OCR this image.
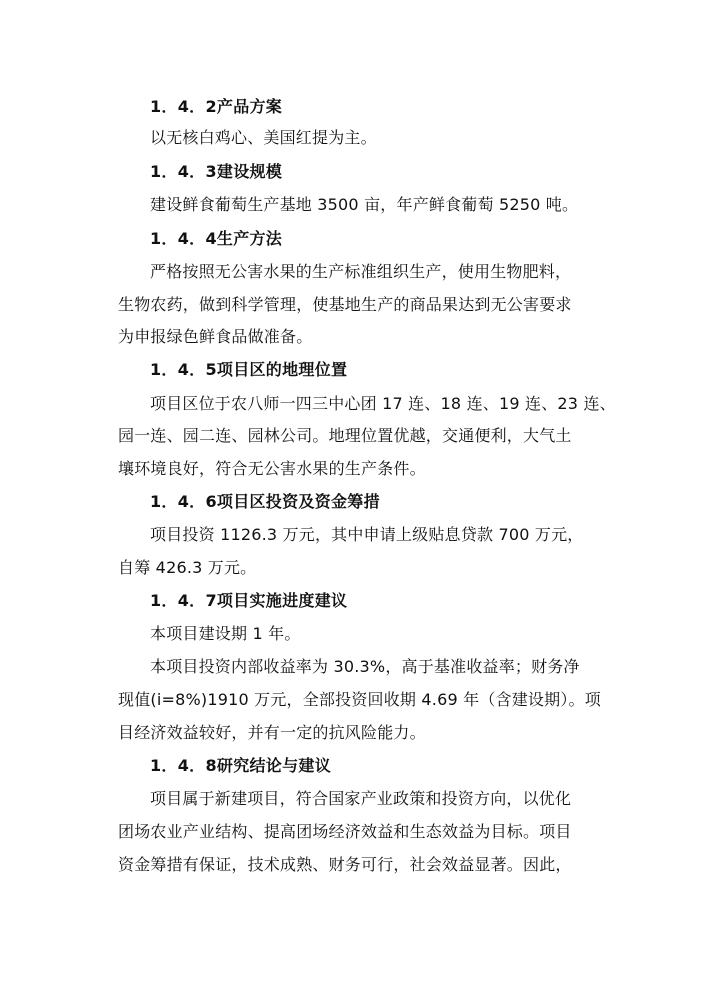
1．4．2产品方案
以无核白鸡心、美国红提为主。
1．4．3建设规模
建设鲜食葡萄生产基地 3500 亩，年产鲜食葡萄 5250 吨。
1．4．4生产方法
严格按照无公害水果的生产标准组织生产，使用生物肥料，
生物农药，做到科学管理，使基地生产的商品果达到无公害要求
为申报绿色鲜食品做准备。
1．4．5项目区的地理位置
项目区位于农八师一四三中心团 17 连、18 连、19 连、23 连、
园一连、园二连、园林公司。地理位置优越，交通便利，大气土
壤环境良好，符合无公害水果的生产条件。
1．4．6项目区投资及资金筹措
项目投资 1126.3 万元，其中申请上级贴息贷款 700 万元，
自筹 426.3 万元。
1．4．7项目实施进度建议
本项目建设期 1 年。
本项目投资内部收益率为 30.3%，高于基准收益率；财务净
现值(i=8%)1910 万元，全部投资回收期 4.69 年（含建设期）。项
目经济效益较好，并有一定的抗风险能力。
1．4．8研究结论与建议
项目属于新建项目，符合国家产业政策和投资方向，以优化
团场农业产业结构、提高团场经济效益和生态效益为目标。项目
资金筹措有保证，技术成熟、财务可行，社会效益显著。因此，
